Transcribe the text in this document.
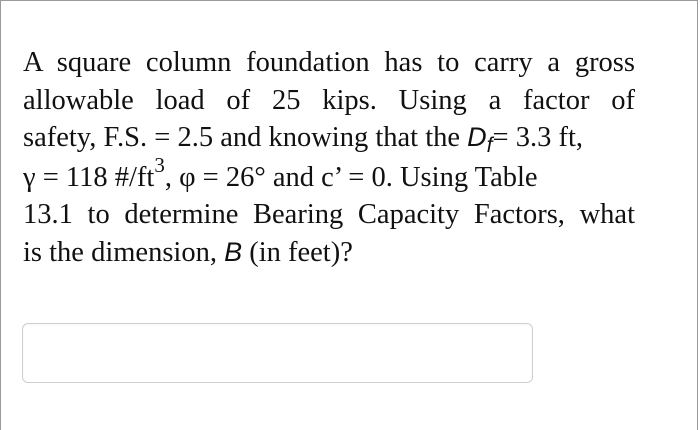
A square column foundation has to carry a gross
allowable load of 25 kips. Using a factor of
safety, F.S. = 2.5 and knowing that the $D_f= 3.3$ ft,
γ = 118 $\#/ft^3$, φ = 26° and c’ = 0. Using Table
13.1 to determine Bearing Capacity Factors, what
is the dimension, B (in feet)?
